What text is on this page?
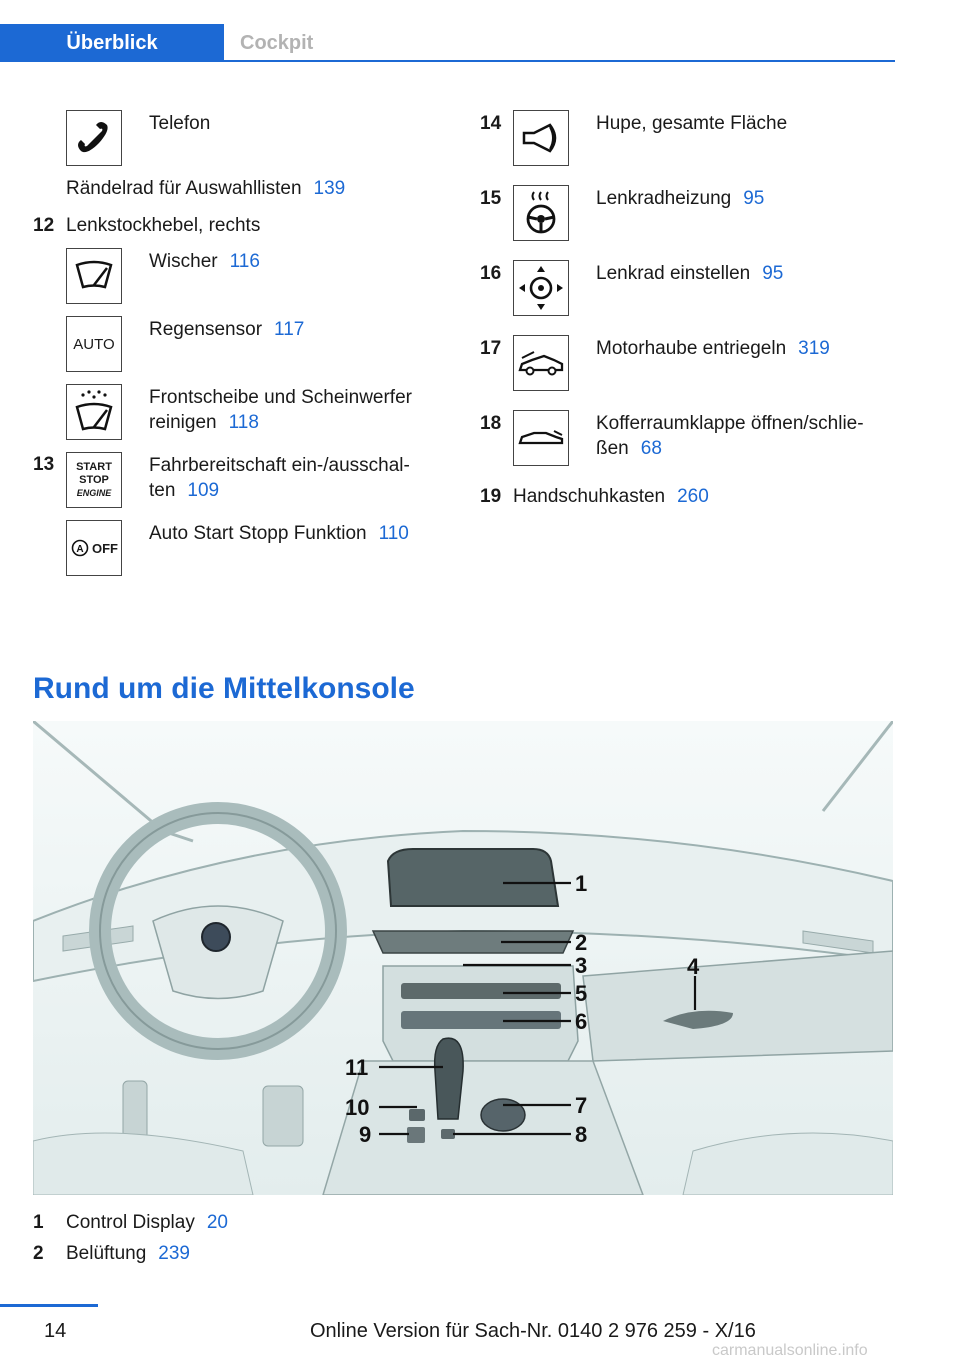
Überblick	Cockpit
Telefon
Rändelrad für Auswahllisten 139
12 Lenkstockhebel, rechts
Wischer 116
AUTO
Regensensor 117
Frontscheibe und Scheinwerfer
reinigen 118
13 START
STOP
ENGINE
Fahrbereitschaft ein-/ausschal-
ten 109
A OFF
Auto Start Stopp Funktion 110
14	Hupe, gesamte Fläche
15	Lenkradheizung 95
16	Lenkrad einstellen 95
17	Motorhaube entriegeln 319
18	Kofferraumklappe öffnen/schlie-
ßen 68
19 Handschuhkasten 260
Rund um die Mittelkonsole
1
2
3	4
5
6
7
8
9
10
11
1 Control Display 20
2 Belüftung 239
14	Online Version für Sach-Nr. 0140 2 976 259 - X/16
carmanualsonline.info
